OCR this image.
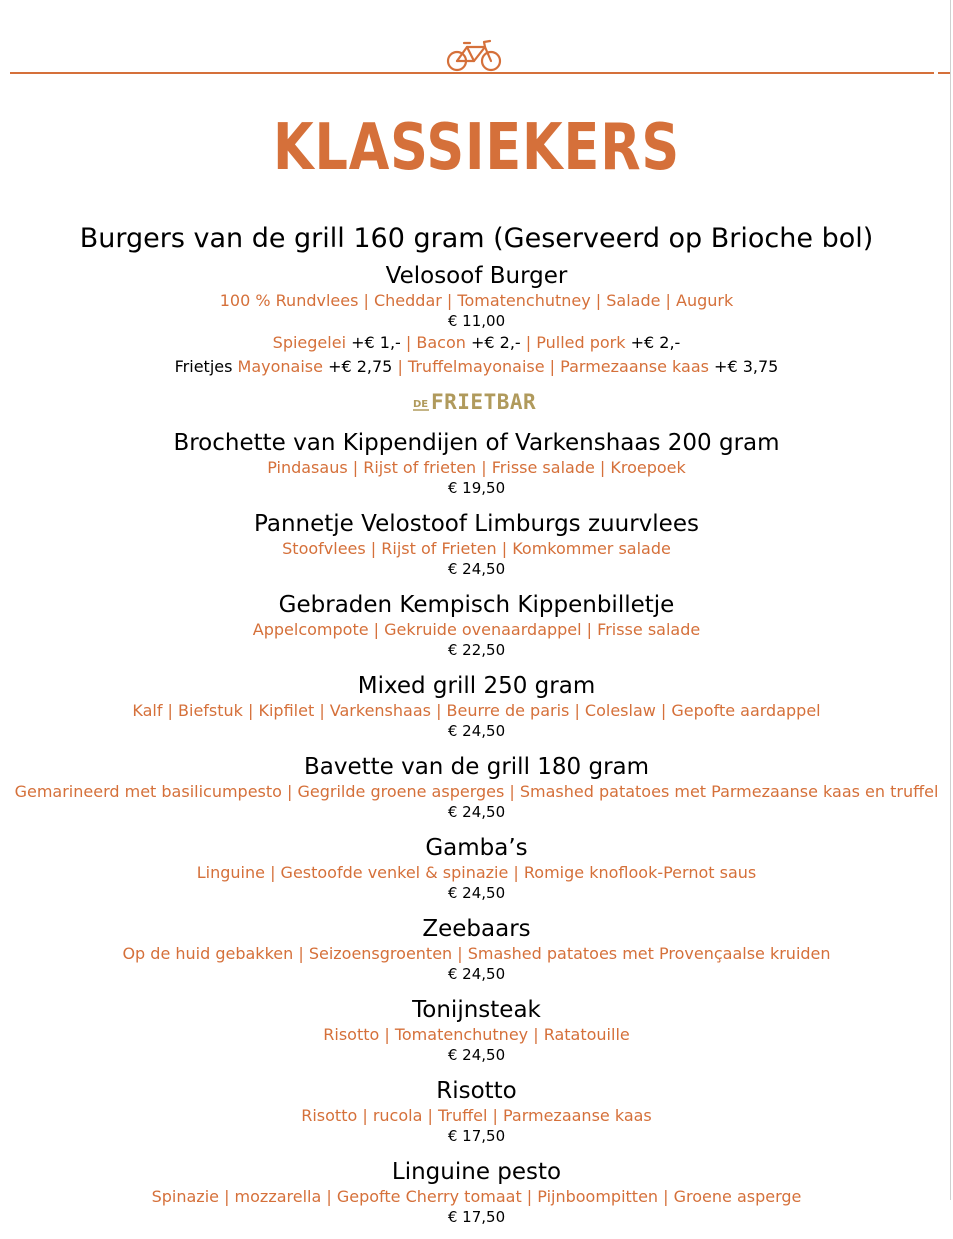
KLASSIEKERS
Burgers van de grill 160 gram (Geserveerd op Brioche bol)
Velosoof Burger
100 % Rundvlees | Cheddar | Tomatenchutney | Salade | Augurk
€ 11,00
Spiegelei +€ 1,- | Bacon +€ 2,- | Pulled pork +€ 2,-
Frietjes Mayonaise +€ 2,75 | Truffelmayonaise | Parmezaanse kaas +€ 3,75
DE FRIETBAR
Brochette van Kippendijen of Varkenshaas 200 gram
Pindasaus | Rijst of frieten | Frisse salade | Kroepoek
€ 19,50
Pannetje Velostoof Limburgs zuurvlees
Stoofvlees | Rijst of Frieten | Komkommer salade
€ 24,50
Gebraden Kempisch Kippenbilletje
Appelcompote | Gekruide ovenaardappel | Frisse salade
€ 22,50
Mixed grill 250 gram
Kalf | Biefstuk | Kipfilet | Varkenshaas | Beurre de paris | Coleslaw | Gepofte aardappel
€ 24,50
Bavette van de grill 180 gram
Gemarineerd met basilicumpesto | Gegrilde groene asperges | Smashed patatoes met Parmezaanse kaas en truffel
€ 24,50
Gamba’s
Linguine | Gestoofde venkel & spinazie | Romige knoflook-Pernot saus
€ 24,50
Zeebaars
Op de huid gebakken | Seizoensgroenten | Smashed patatoes met Provençaalse kruiden
€ 24,50
Tonijnsteak
Risotto | Tomatenchutney | Ratatouille
€ 24,50
Risotto
Risotto | rucola | Truffel | Parmezaanse kaas
€ 17,50
Linguine pesto
Spinazie | mozzarella | Gepofte Cherry tomaat | Pijnboompitten | Groene asperge
€ 17,50
